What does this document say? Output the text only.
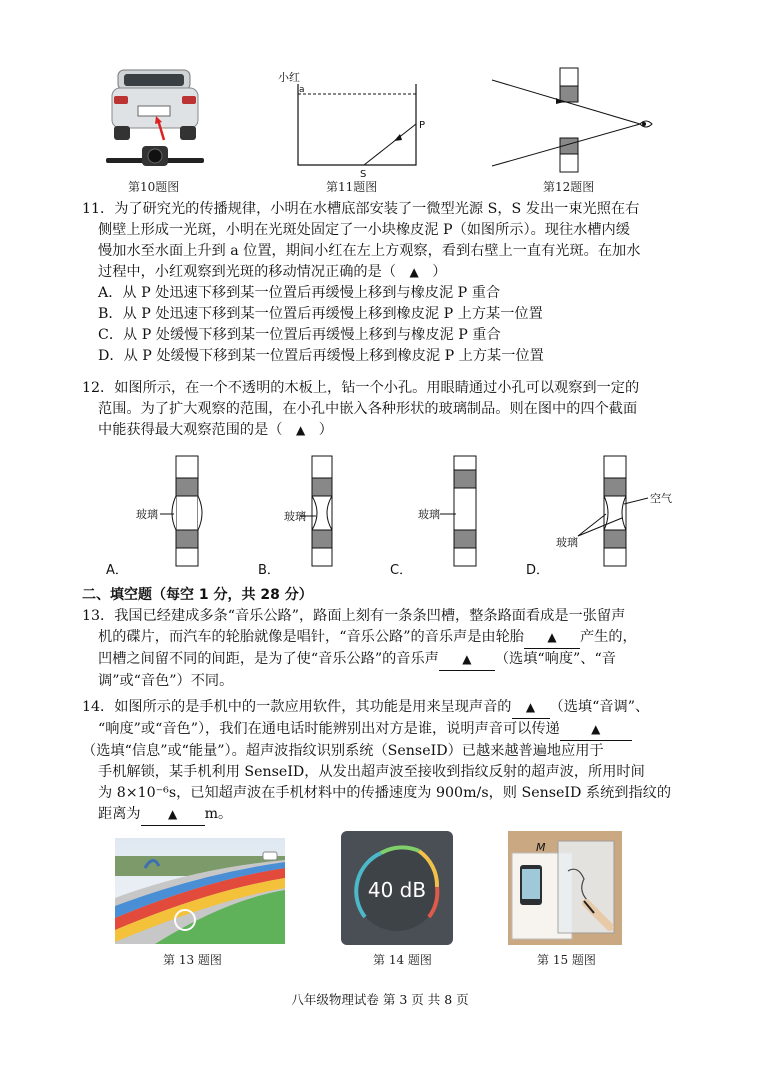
第10题图
小红
a
P
S
第11题图	第12题图

11．为了研究光的传播规律，小明在水槽底部安装了一微型光源 S，S 发出一束光照在右

侧壁上形成一光斑，小明在光斑处固定了一小块橡皮泥 P（如图所示）。现往水槽内缓

慢加水至水面上升到 a 位置，期间小红在左上方观察，看到右壁上一直有光斑。在加水

过程中，小红观察到光斑的移动情况正确的是（ ▲ ）

A．从 P 处迅速下移到某一位置后再缓慢上移到与橡皮泥 P 重合

B．从 P 处迅速下移到某一位置后再缓慢上移到橡皮泥 P 上方某一位置

C．从 P 处缓慢下移到某一位置后再缓慢上移到与橡皮泥 P 重合

D．从 P 处缓慢下移到某一位置后再缓慢上移到橡皮泥 P 上方某一位置

12．如图所示，在一个不透明的木板上，钻一个小孔。用眼睛通过小孔可以观察到一定的

范围。为了扩大观察的范围，在小孔中嵌入各种形状的玻璃制品。则在图中的四个截面

中能获得最大观察范围的是（ ▲ ）

玻璃
A．
玻璃
B．
玻璃
C．
空气
玻璃
D．
二、填空题（每空 1 分，共 28 分）

13．我国已经建成多条“音乐公路”，路面上刻有一条条凹槽，整条路面看成是一张留声

机的碟片，而汽车的轮胎就像是唱针，“音乐公路”的音乐声是由轮胎 ▲ 产生的，

凹槽之间留不同的间距，是为了使“音乐公路”的音乐声 ▲ （选填“响度”、“音

调”或“音色”）不同。

14．如图所示的是手机中的一款应用软件，其功能是用来呈现声音的 ▲ （选填“音调”、

“响度”或“音色”），我们在通电话时能辨别出对方是谁，说明声音可以传递	▲

（选填“信息”或“能量”）。超声波指纹识别系统（SenseID）已越来越普遍地应用于

手机解锁，某手机利用 SenseID，从发出超声波至接收到指纹反射的超声波，所用时间

为 8×10⁻⁶s，已知超声波在手机材料中的传播速度为 900m/s，则 SenseID 系统到指纹的

距离为 ▲ m。

第 13 题图
40 dB
第 14 题图
M
第 15 题图
八年级物理试卷 第 3 页 共 8 页
